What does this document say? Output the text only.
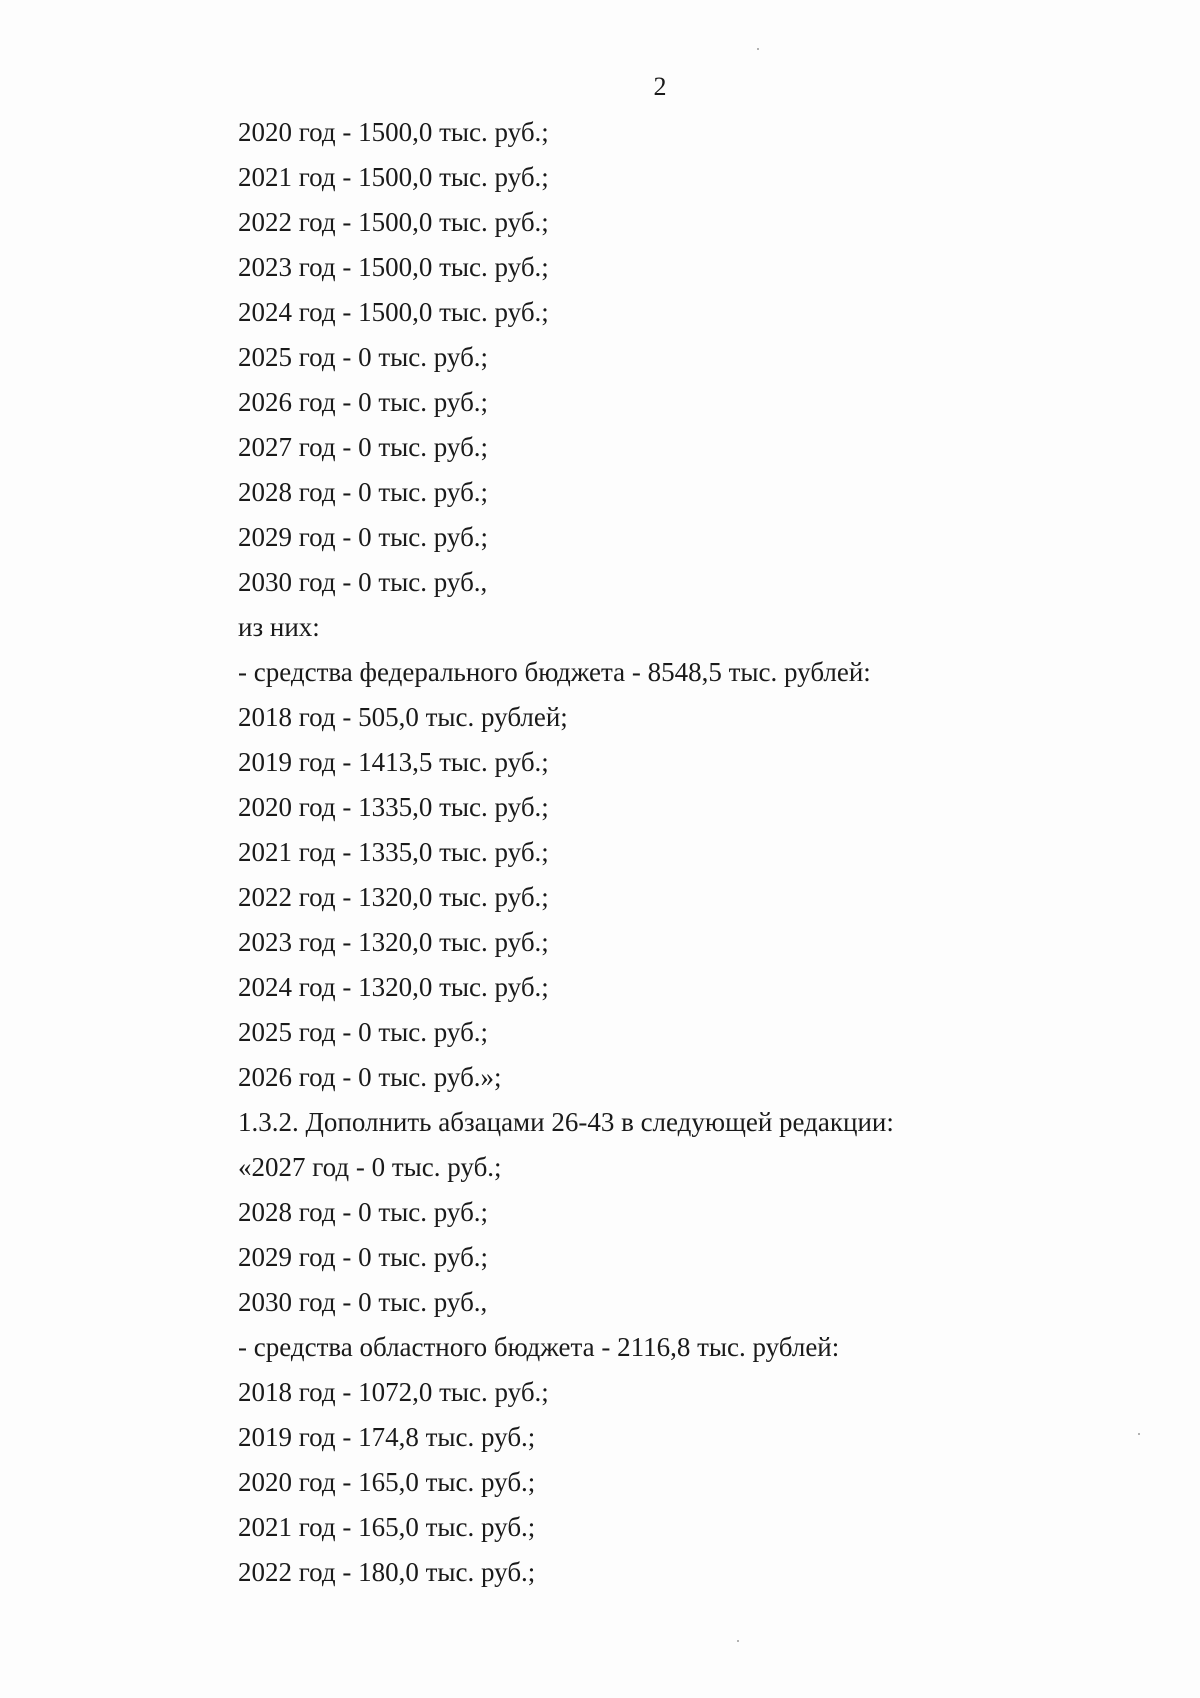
2
2020 год - 1500,0 тыс. руб.;
2021 год - 1500,0 тыс. руб.;
2022 год - 1500,0 тыс. руб.;
2023 год - 1500,0 тыс. руб.;
2024 год - 1500,0 тыс. руб.;
2025 год - 0 тыс. руб.;
2026 год - 0 тыс. руб.;
2027 год - 0 тыс. руб.;
2028 год - 0 тыс. руб.;
2029 год - 0 тыс. руб.;
2030 год - 0 тыс. руб.,
из них:
- средства федерального бюджета - 8548,5 тыс. рублей:
2018 год - 505,0 тыс. рублей;
2019 год - 1413,5 тыс. руб.;
2020 год - 1335,0 тыс. руб.;
2021 год - 1335,0 тыс. руб.;
2022 год - 1320,0 тыс. руб.;
2023 год - 1320,0 тыс. руб.;
2024 год - 1320,0 тыс. руб.;
2025 год - 0 тыс. руб.;
2026 год - 0 тыс. руб.»;
1.3.2. Дополнить абзацами 26-43 в следующей редакции:
«2027 год - 0 тыс. руб.;
2028 год - 0 тыс. руб.;
2029 год - 0 тыс. руб.;
2030 год - 0 тыс. руб.,
- средства областного бюджета - 2116,8 тыс. рублей:
2018 год - 1072,0 тыс. руб.;
2019 год - 174,8 тыс. руб.;
2020 год - 165,0 тыс. руб.;
2021 год - 165,0 тыс. руб.;
2022 год - 180,0 тыс. руб.;
